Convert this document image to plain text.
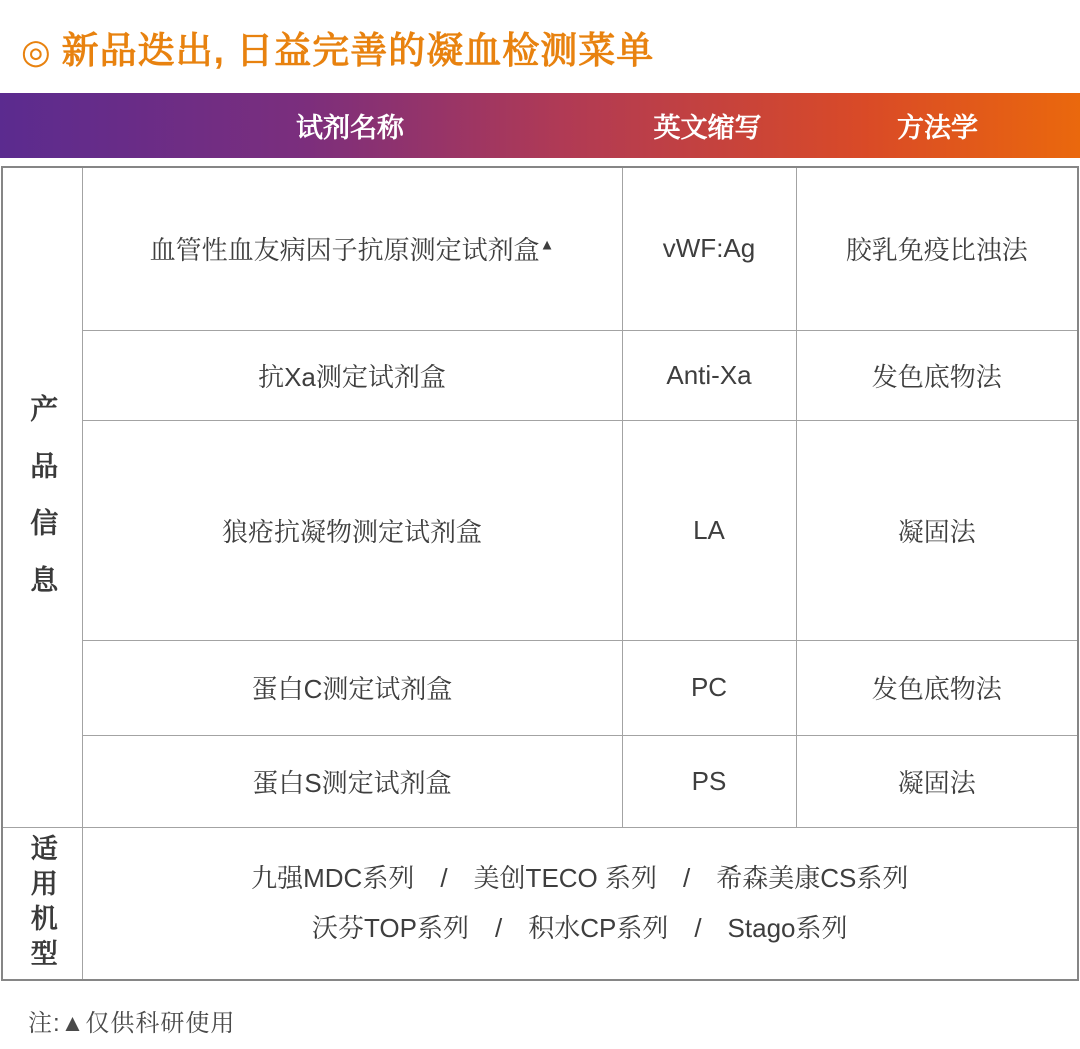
◎ 新品迭出, 日益完善的凝血检测菜单
试剂名称	英文缩写	方法学
产品信息	血管性血友病因子抗原测定试剂盒▲	vWF:Ag	胶乳免疫比浊法
	抗Xa测定试剂盒	Anti-Xa	发色底物法
	狼疮抗凝物测定试剂盒	LA	凝固法
	蛋白C测定试剂盒	PC	发色底物法
	蛋白S测定试剂盒	PS	凝固法
适用机型	九强MDC系列　/　美创TECO 系列　/　希森美康CS系列
沃芬TOP系列　/　积水CP系列　/　Stago系列		
注:▲仅供科研使用
